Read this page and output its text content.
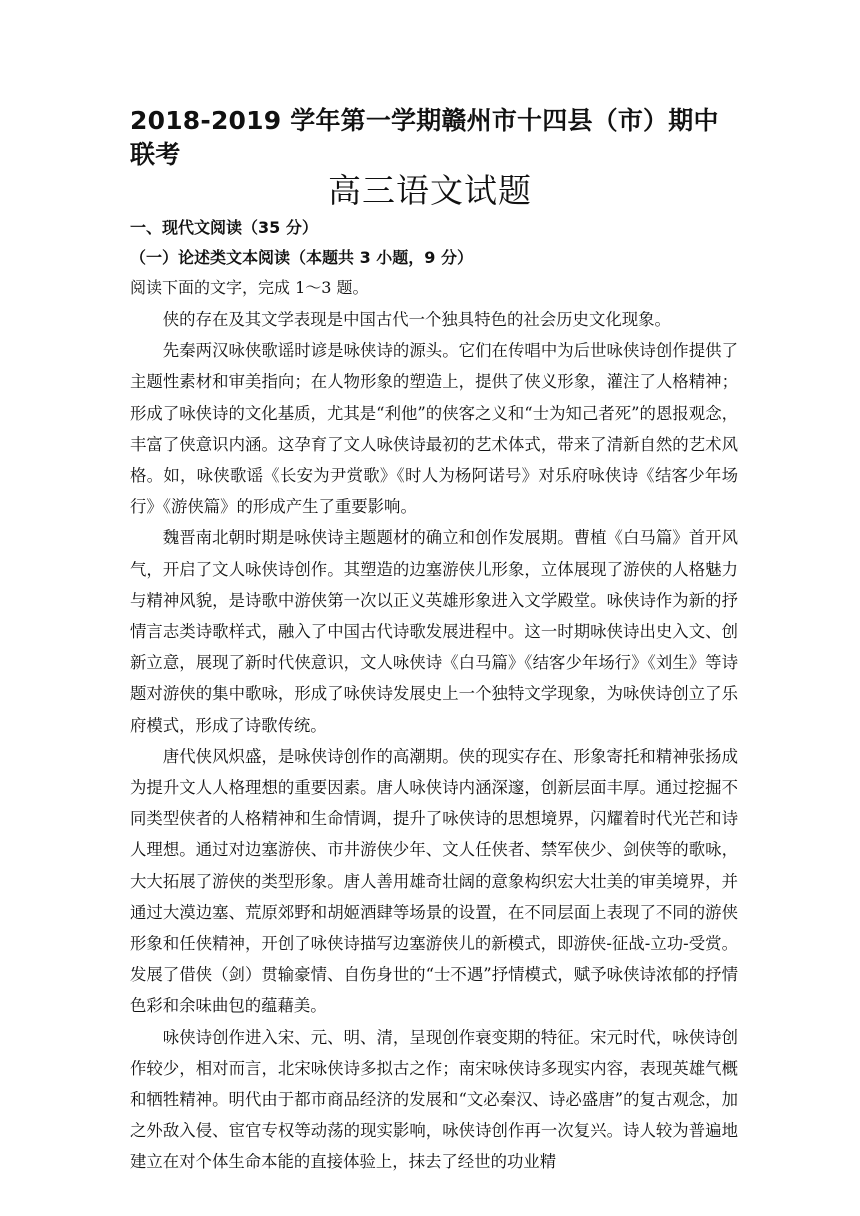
2018-2019 学年第一学期赣州市十四县（市）期中联考
高三语文试题
一、现代文阅读（35 分）
（一）论述类文本阅读（本题共 3 小题，9 分）

阅读下面的文字，完成 1～3 题。

侠的存在及其文学表现是中国古代一个独具特色的社会历史文化现象。

先秦两汉咏侠歌谣时谚是咏侠诗的源头。它们在传唱中为后世咏侠诗创作提供了主题性素材和审美指向；在人物形象的塑造上，提供了侠义形象，灌注了人格精神；形成了咏侠诗的文化基质，尤其是“利他”的侠客之义和“士为知己者死”的恩报观念，丰富了侠意识内涵。这孕育了文人咏侠诗最初的艺术体式，带来了清新自然的艺术风格。如，咏侠歌谣《长安为尹赏歌》《时人为杨阿诺号》对乐府咏侠诗《结客少年场行》《游侠篇》的形成产生了重要影响。

魏晋南北朝时期是咏侠诗主题题材的确立和创作发展期。曹植《白马篇》首开风气，开启了文人咏侠诗创作。其塑造的边塞游侠儿形象，立体展现了游侠的人格魅力与精神风貌，是诗歌中游侠第一次以正义英雄形象进入文学殿堂。咏侠诗作为新的抒情言志类诗歌样式，融入了中国古代诗歌发展进程中。这一时期咏侠诗出史入文、创新立意，展现了新时代侠意识，文人咏侠诗《白马篇》《结客少年场行》《刘生》等诗题对游侠的集中歌咏，形成了咏侠诗发展史上一个独特文学现象，为咏侠诗创立了乐府模式，形成了诗歌传统。

唐代侠风炽盛，是咏侠诗创作的高潮期。侠的现实存在、形象寄托和精神张扬成为提升文人人格理想的重要因素。唐人咏侠诗内涵深邃，创新层面丰厚。通过挖掘不同类型侠者的人格精神和生命情调，提升了咏侠诗的思想境界，闪耀着时代光芒和诗人理想。通过对边塞游侠、市井游侠少年、文人任侠者、禁军侠少、剑侠等的歌咏，大大拓展了游侠的类型形象。唐人善用雄奇壮阔的意象构织宏大壮美的审美境界，并通过大漠边塞、荒原郊野和胡姬酒肆等场景的设置，在不同层面上表现了不同的游侠形象和任侠精神，开创了咏侠诗描写边塞游侠儿的新模式，即游侠-征战-立功-受赏。发展了借侠（剑）贯输豪情、自伤身世的“士不遇”抒情模式，赋予咏侠诗浓郁的抒情色彩和余味曲包的蕴藉美。

咏侠诗创作进入宋、元、明、清，呈现创作衰变期的特征。宋元时代，咏侠诗创作较少，相对而言，北宋咏侠诗多拟古之作；南宋咏侠诗多现实内容，表现英雄气概和牺牲精神。明代由于都市商品经济的发展和“文必秦汉、诗必盛唐”的复古观念，加之外敌入侵、宦官专权等动荡的现实影响，咏侠诗创作再一次复兴。诗人较为普遍地建立在对个体生命本能的直接体验上，抹去了经世的功业精
